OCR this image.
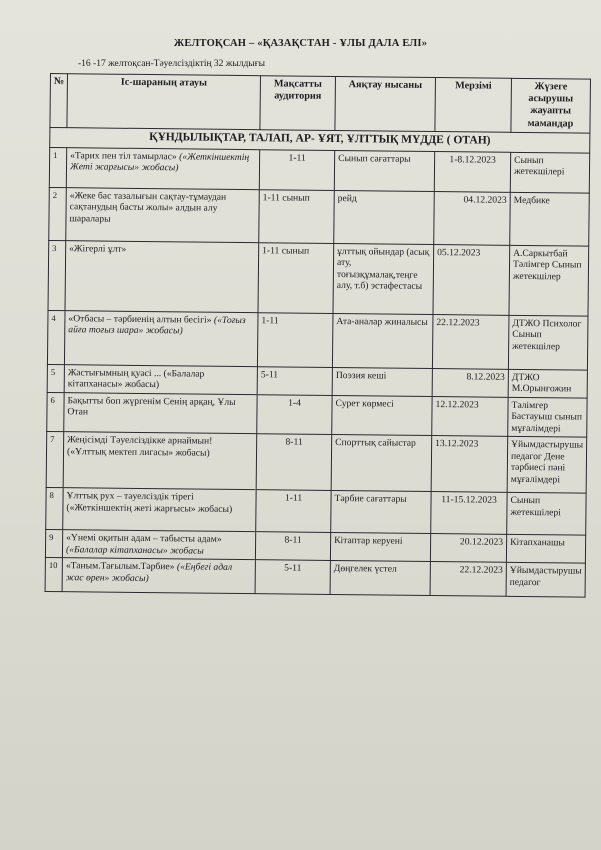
ЖЕЛТОҚСАН – «ҚАЗАҚСТАН - ҰЛЫ ДАЛА ЕЛІ»
-16 -17 желтоқсан-Тәуелсіздіктің 32 жылдығы
№	Іс-шараның атауы	Мақсатты аудитория	Аяқтау нысаны	Мерзімі	Жүзеге асырушы жауапты мамандар
ҚҰНДЫЛЫҚТАР, ТАЛАП, АР- ҰЯТ, ҰЛТТЫҚ МҮДДЕ ( ОТАН)					
1	«Тарих пен тіл тамырлас» («Жеткіншектің Жеті жарғысы» жобасы)	1-11	Сынып сағаттары	1-8.12.2023	Сынып жетекшілері
2	«Жеке бас тазалығын сақтау-тұмаудан сақтанудың басты жолы» алдын алу шаралары	1-11 сынып	рейд	04.12.2023	Медбике
3	«Жігерлі ұлт»	1-11 сынып	ұлттық ойындар (асық ату, тоғызқұмалақ,теңге алу, т.б) эстафестасы	05.12.2023	А.Саркытбай Тәлімгер Сынып жетекшілер
4	«Отбасы – тәрбиенің алтын бесігі» («Тоғыз айға тоғыз шара» жобасы)	1-11	Ата-аналар жиналысы	22.12.2023	ДТЖО Психолог Сынып жетекшілер
5	Жастығымның қуәсі ... («Балалар кітапханасы» жобасы)	5-11	Поэзия кеші	8.12.2023	ДТЖО М.Орынғожин
6	Бақытты боп жүргенім Сенің арқаң, Ұлы Отан	1-4	Сурет көрмесі	12.12.2023	Тәлімгер Бастауыш сынып мұғалімдері
7	Жеңісімді Тәуелсіздікке арнаймын! («Ұлттық мектеп лигасы» жобасы)	8-11	Спорттық сайыстар	13.12.2023	Ұйымдастырушы педагог Дене тәрбиесі пәні мұғалімдері
8	Ұлттық рух – тәуелсіздік тірегі («Жеткіншектің жеті жарғысы» жобасы)	1-11	Тәрбие сағаттары	11-15.12.2023	Сынып жетекшілері
9	«Үнемі оқитын адам – табысты адам» («Балалар кітапханасы» жобасы	8-11	Кітаптар керуені	20.12.2023	Кітапханашы
10	«Таным.Тағылым.Тәрбие» («Еңбегі адал жас өрен» жобасы)	5-11	Дөңгелек үстел	22.12.2023	Ұйымдастырушы педагог
